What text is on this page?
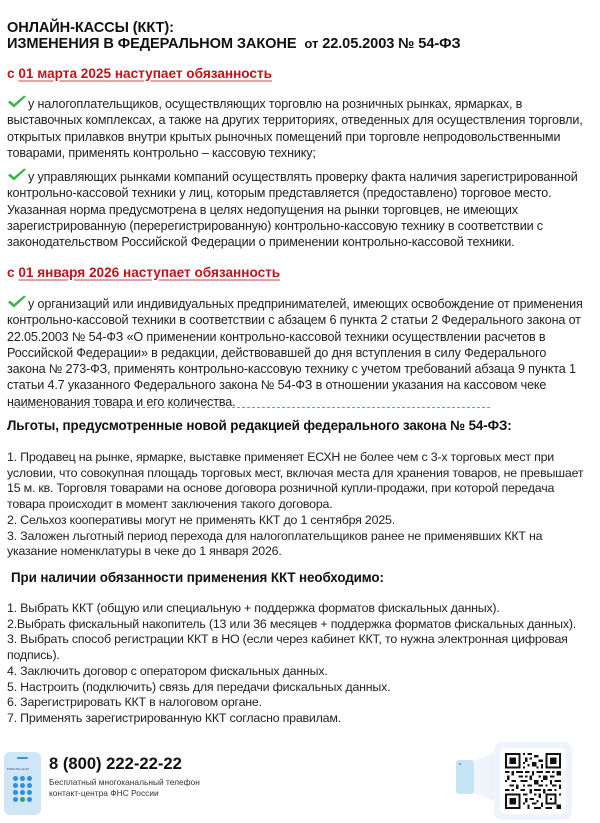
ОНЛАЙН-КАССЫ (ККТ):
ИЗМЕНЕНИЯ В ФЕДЕРАЛЬНОМ ЗАКОНЕ от 22.05.2003 № 54-ФЗ
с 01 марта 2025 наступает обязанность
у налогоплательщиков, осуществляющих торговлю на розничных рынках, ярмарках, в выставочных комплексах, а также на других территориях, отведенных для осуществления торговли, открытых прилавков внутри крытых рыночных помещений при торговле непродовольственными товарами, применять контрольно – кассовую технику;
у управляющих рынками компаний осуществлять проверку факта наличия зарегистрированной контрольно-кассовой техники у лиц, которым представляется (предоставлено) торговое место. Указанная норма предусмотрена в целях недопущения на рынки торговцев, не имеющих зарегистрированную (перерегистрированную) контрольно-кассовую технику в соответствии с законодательством Российской Федерации о применении контрольно-кассовой техники.
с 01 января 2026 наступает обязанность
у организаций или индивидуальных предпринимателей, имеющих освобождение от применения контрольно-кассовой техники в соответствии с абзацем 6 пункта 2 статьи 2 Федерального закона от 22.05.2003 № 54-ФЗ «О применении контрольно-кассовой техники осуществлении расчетов в Российской Федерации» в редакции, действовавшей до дня вступления в силу Федерального закона № 273-ФЗ, применять контрольно-кассовую технику с учетом требований абзаца 9 пункта 1 статьи 4.7 указанного Федерального закона № 54-ФЗ в отношении указания на кассовом чеке наименования товара и его количества.
Льготы, предусмотренные новой редакцией федерального закона № 54-ФЗ:
1. Продавец на рынке, ярмарке, выставке применяет ЕСХН не более чем с 3-х торговых мест при условии, что совокупная площадь торговых мест, включая места для хранения товаров, не превышает 15 м. кв. Торговля товарами на основе договора розничной купли-продажи, при которой передача товара происходит в момент заключения такого договора.
2. Сельхоз кооперативы могут не применять ККТ до 1 сентября 2025.
3. Заложен льготный период перехода для налогоплательщиков ранее не применявших ККТ на указание номенклатуры в чеке до 1 января 2026.
При наличии обязанности применения ККТ необходимо:
1. Выбрать ККТ (общую или специальную + поддержка форматов фискальных данных).
2.Выбрать фискальный накопитель (13 или 36 месяцев + поддержка форматов фискальных данных).
3. Выбрать способ регистрации ККТ в НО (если через кабинет ККТ, то нужна электронная цифровая подпись).
4. Заключить договор с оператором фискальных данных.
5. Настроить (подключить) связь для передачи фискальных данных.
6. Зарегистрировать ККТ в налоговом органе.
7. Применять зарегистрированную ККТ согласно правилам.
8 800 222-22-22 8 (800) 222-22-22
Бесплатный многоканальный телефон
контакт-центра ФНС России
